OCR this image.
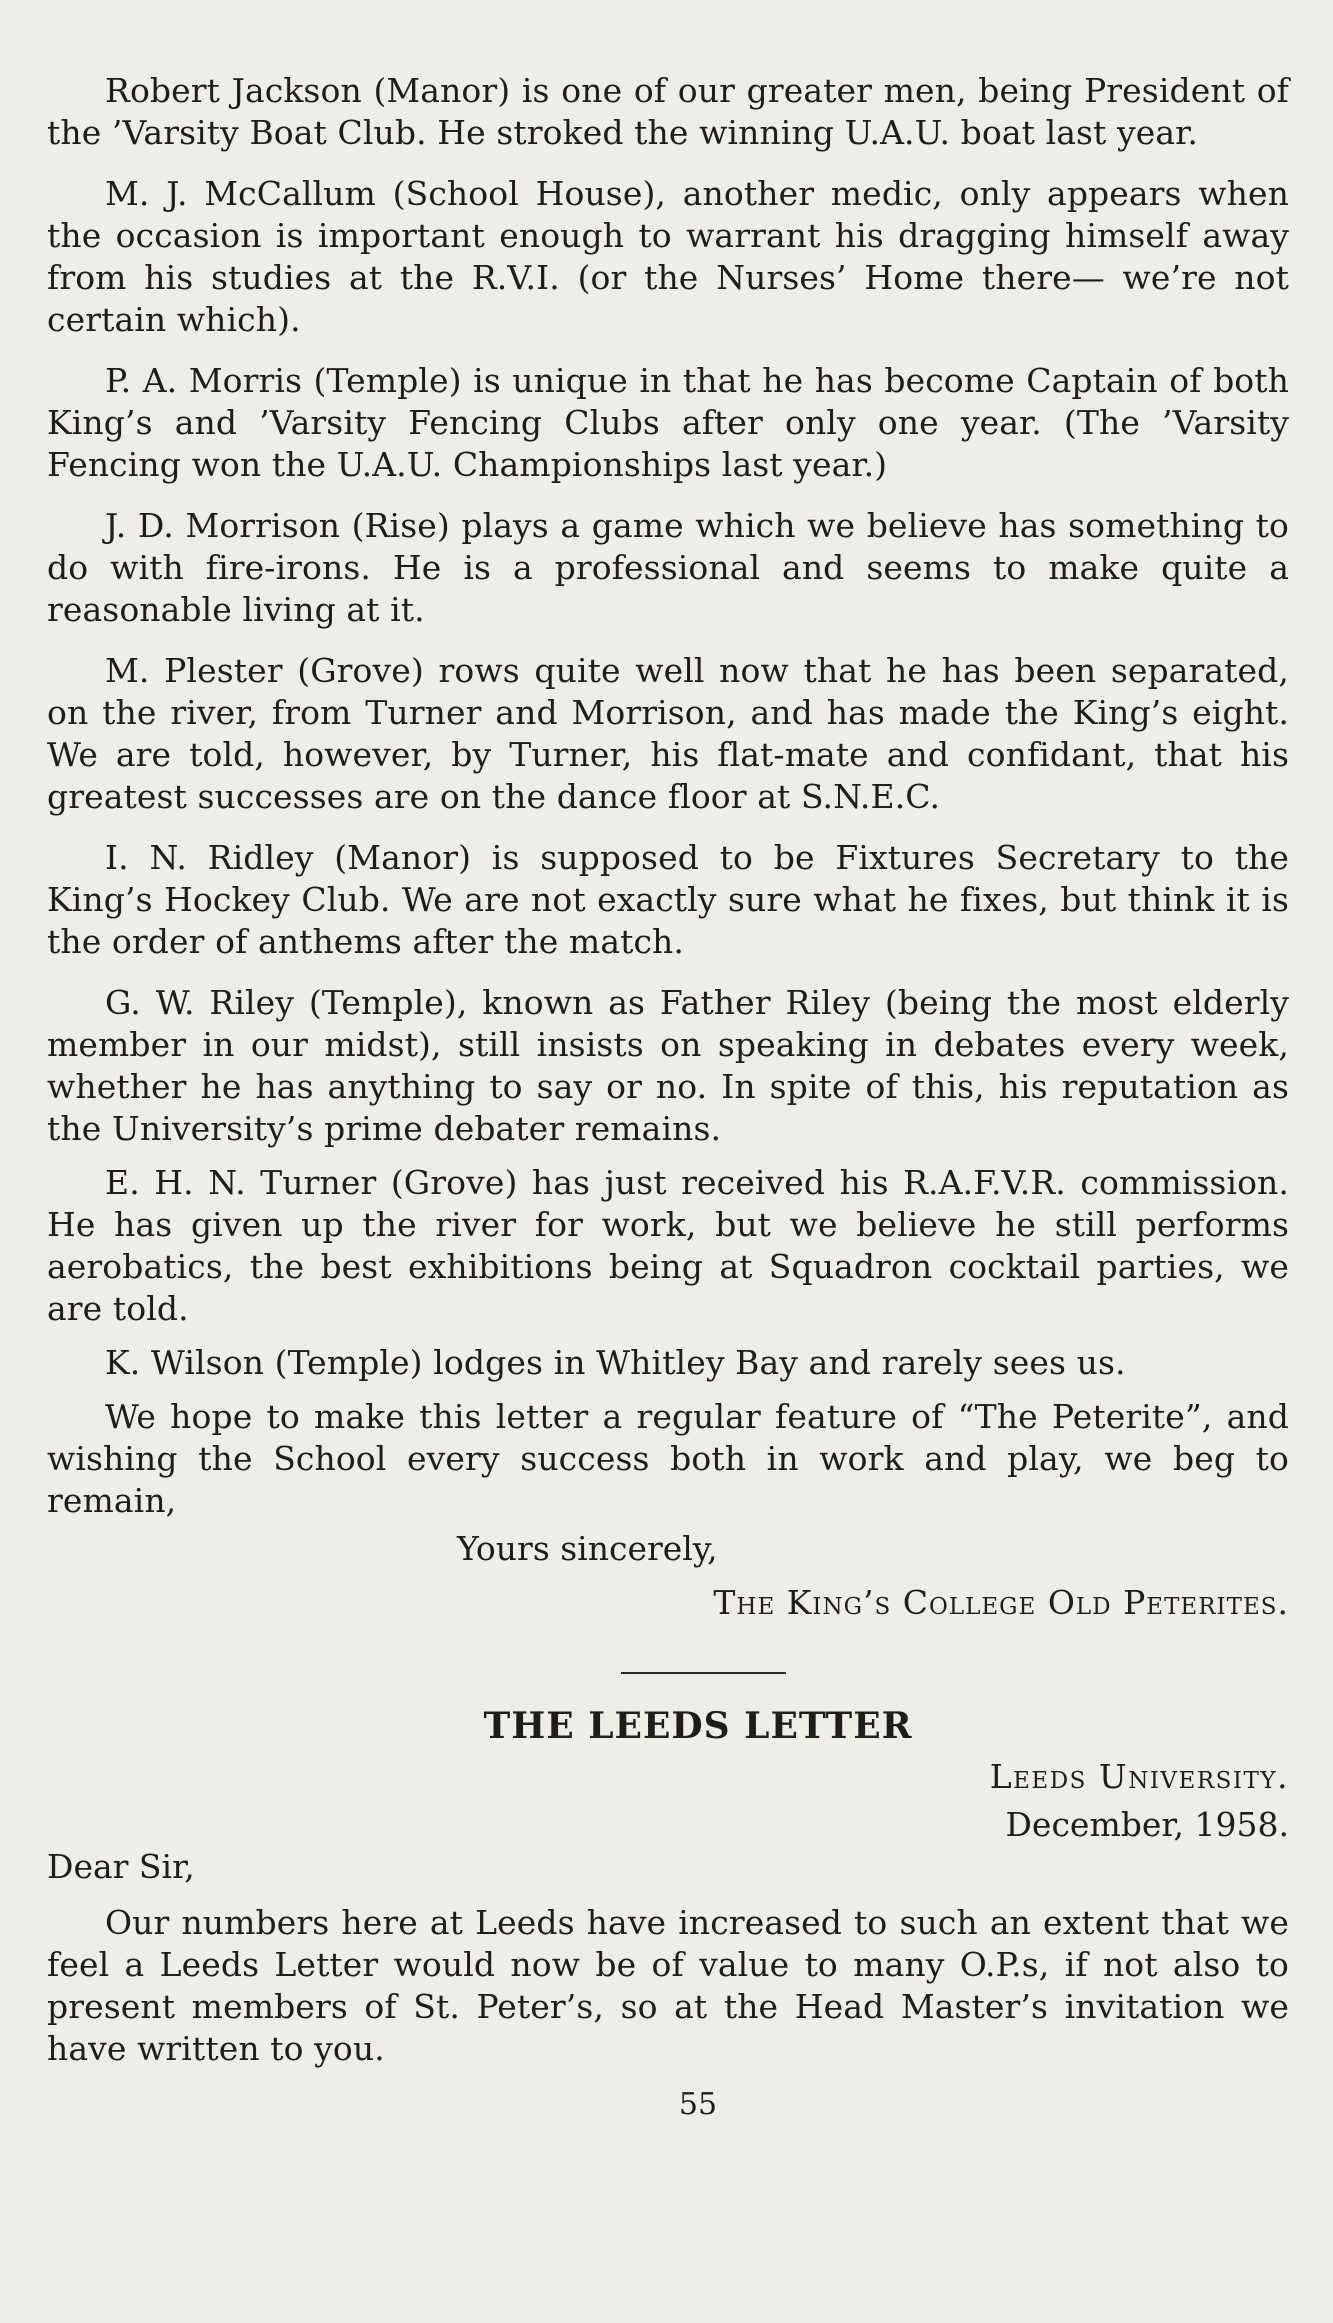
Robert Jackson (Manor) is one of our greater men, being President of the ’Varsity Boat Club. He stroked the winning U.A.U. boat last year.

M. J. McCallum (School House), another medic, only appears when the occasion is important enough to warrant his dragging himself away from his studies at the R.V.I. (or the Nurses’ Home there— we’re not certain which).

P. A. Morris (Temple) is unique in that he has become Captain of both King’s and ’Varsity Fencing Clubs after only one year. (The ’Varsity Fencing won the U.A.U. Championships last year.)

J. D. Morrison (Rise) plays a game which we believe has something to do with fire-irons. He is a professional and seems to make quite a reasonable living at it.

M. Plester (Grove) rows quite well now that he has been separated, on the river, from Turner and Morrison, and has made the King’s eight. We are told, however, by Turner, his flat-mate and confidant, that his greatest successes are on the dance floor at S.N.E.C.

I. N. Ridley (Manor) is supposed to be Fixtures Secretary to the King’s Hockey Club. We are not exactly sure what he fixes, but think it is the order of anthems after the match.

G. W. Riley (Temple), known as Father Riley (being the most elderly member in our midst), still insists on speaking in debates every week, whether he has anything to say or no. In spite of this, his reputation as the University’s prime debater remains.

E. H. N. Turner (Grove) has just received his R.A.F.V.R. commission. He has given up the river for work, but we believe he still performs aerobatics, the best exhibitions being at Squadron cocktail parties, we are told.

K. Wilson (Temple) lodges in Whitley Bay and rarely sees us.

We hope to make this letter a regular feature of “The Peterite”, and wishing the School every success both in work and play, we beg to remain,

Yours sincerely,
The King’s College Old Peterites.
THE LEEDS LETTER
Leeds University.
December, 1958.
Dear Sir,

Our numbers here at Leeds have increased to such an extent that we feel a Leeds Letter would now be of value to many O.P.s, if not also to present members of St. Peter’s, so at the Head Master’s invitation we have written to you.

55
